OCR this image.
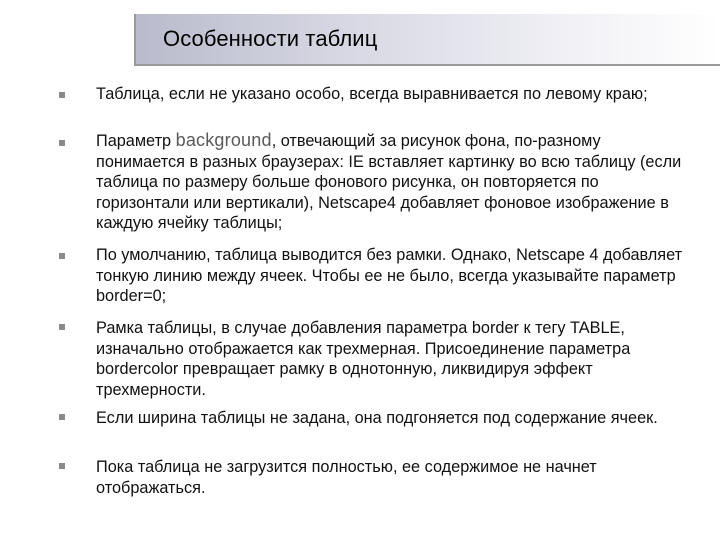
Особенности таблиц
Таблица, если не указано особо, всегда выравнивается по левому краю;
Параметр background, отвечающий за рисунок фона, по-разному понимается в разных браузерах: IE вставляет картинку во всю таблицу (если таблица по размеру больше фонового рисунка, он повторяется по горизонтали или вертикали), Netscape4 добавляет фоновое изображение в каждую ячейку таблицы;
По умолчанию, таблица выводится без рамки. Однако, Netscape 4 добавляет тонкую линию между ячеек. Чтобы ее не было, всегда указывайте параметр border=0;
Рамка таблицы, в случае добавления параметра border к тегу TABLE, изначально отображается как трехмерная. Присоединение параметра bordercolor превращает рамку в однотонную, ликвидируя эффект трехмерности.
Если ширина таблицы не задана, она подгоняется под содержание ячеек.
Пока таблица не загрузится полностью, ее содержимое не начнет отображаться.
